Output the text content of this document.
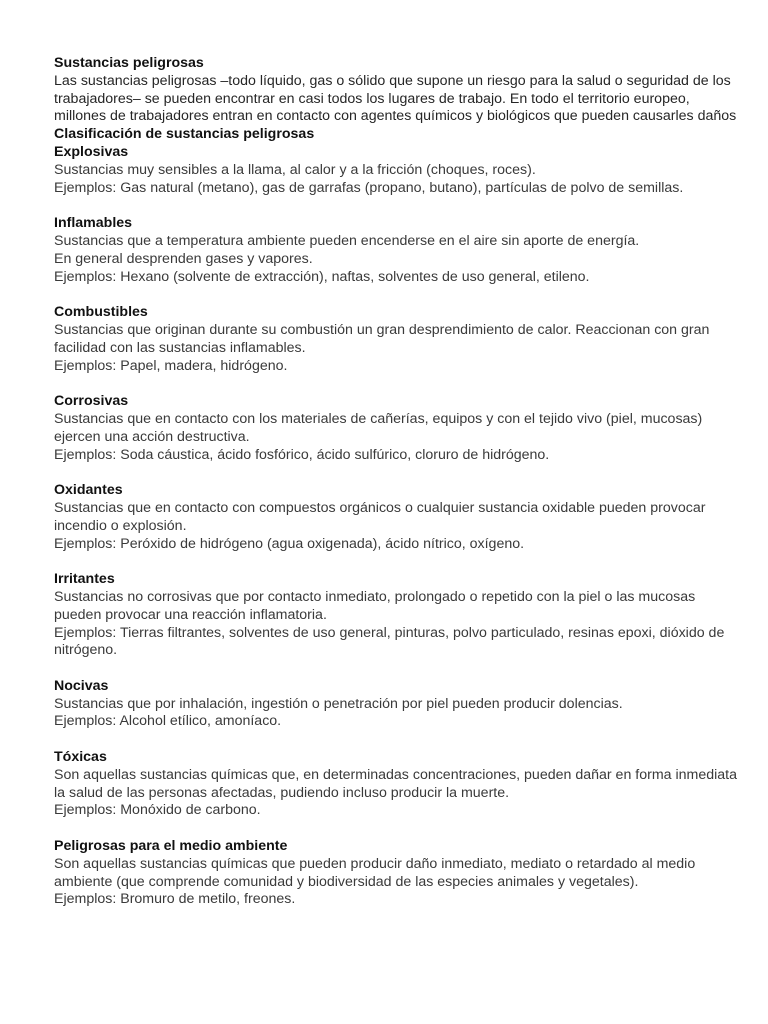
Sustancias peligrosas
Las sustancias peligrosas –todo líquido, gas o sólido que supone un riesgo para la salud o seguridad de los trabajadores– se pueden encontrar en casi todos los lugares de trabajo. En todo el territorio europeo, millones de trabajadores entran en contacto con agentes químicos y biológicos que pueden causarles daños
Clasificación de sustancias peligrosas
Explosivas
Sustancias muy sensibles a la llama, al calor y a la fricción (choques, roces).
Ejemplos: Gas natural (metano), gas de garrafas (propano, butano), partículas de polvo de semillas.
Inflamables
Sustancias que a temperatura ambiente pueden encenderse en el aire sin aporte de energía.
En general desprenden gases y vapores.
Ejemplos: Hexano (solvente de extracción), naftas, solventes de uso general, etileno.
Combustibles
Sustancias que originan durante su combustión un gran desprendimiento de calor. Reaccionan con gran facilidad con las sustancias inflamables.
Ejemplos: Papel, madera, hidrógeno.
Corrosivas
Sustancias que en contacto con los materiales de cañerías, equipos y con el tejido vivo (piel, mucosas) ejercen una acción destructiva.
Ejemplos: Soda cáustica, ácido fosfórico, ácido sulfúrico, cloruro de hidrógeno.
Oxidantes
Sustancias que en contacto con compuestos orgánicos o cualquier sustancia oxidable pueden provocar incendio o explosión.
Ejemplos: Peróxido de hidrógeno (agua oxigenada), ácido nítrico, oxígeno.
Irritantes
Sustancias no corrosivas que por contacto inmediato, prolongado o repetido con la piel o las mucosas pueden provocar una reacción inflamatoria.
Ejemplos: Tierras filtrantes, solventes de uso general, pinturas, polvo particulado, resinas epoxi, dióxido de nitrógeno.
Nocivas
Sustancias que por inhalación, ingestión o penetración por piel pueden producir dolencias.
Ejemplos: Alcohol etílico, amoníaco.
Tóxicas
Son aquellas sustancias químicas que, en determinadas concentraciones, pueden dañar en forma inmediata la salud de las personas afectadas, pudiendo incluso producir la muerte.
Ejemplos: Monóxido de carbono.
Peligrosas para el medio ambiente
Son aquellas sustancias químicas que pueden producir daño inmediato, mediato o retardado al medio ambiente (que comprende comunidad y biodiversidad de las especies animales y vegetales).
Ejemplos: Bromuro de metilo, freones.
